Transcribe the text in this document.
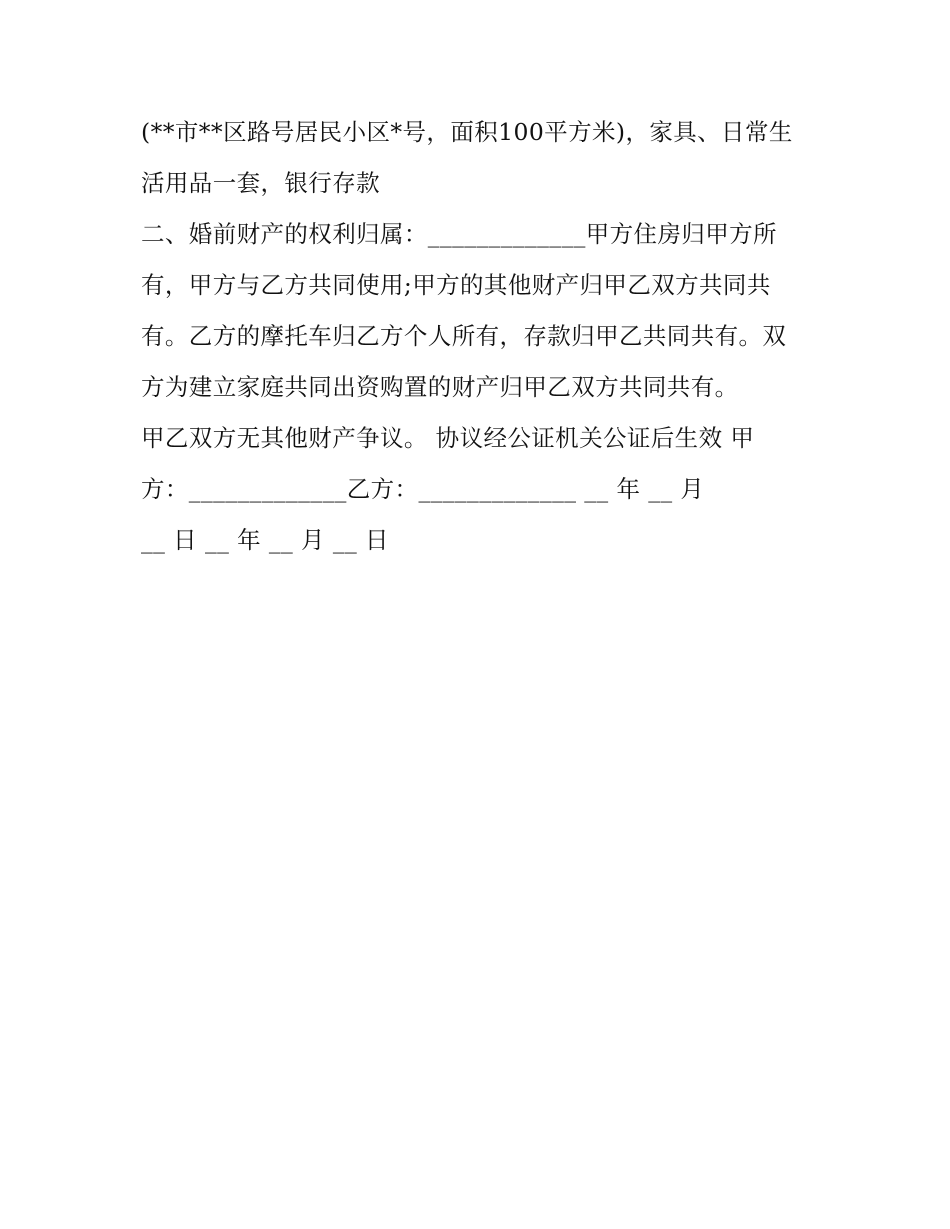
(**市**区路号居民小区*号，面积100平方米)，家具、日常生
活用品一套，银行存款
二、婚前财产的权利归属：_____________甲方住房归甲方所
有，甲方与乙方共同使用;甲方的其他财产归甲乙双方共同共
有。乙方的摩托车归乙方个人所有，存款归甲乙共同共有。双
方为建立家庭共同出资购置的财产归甲乙双方共同共有。
甲乙双方无其他财产争议。 协议经公证机关公证后生效 甲
方：_____________乙方：_____________ __ 年 __ 月
__ 日 __ 年 __ 月 __ 日
